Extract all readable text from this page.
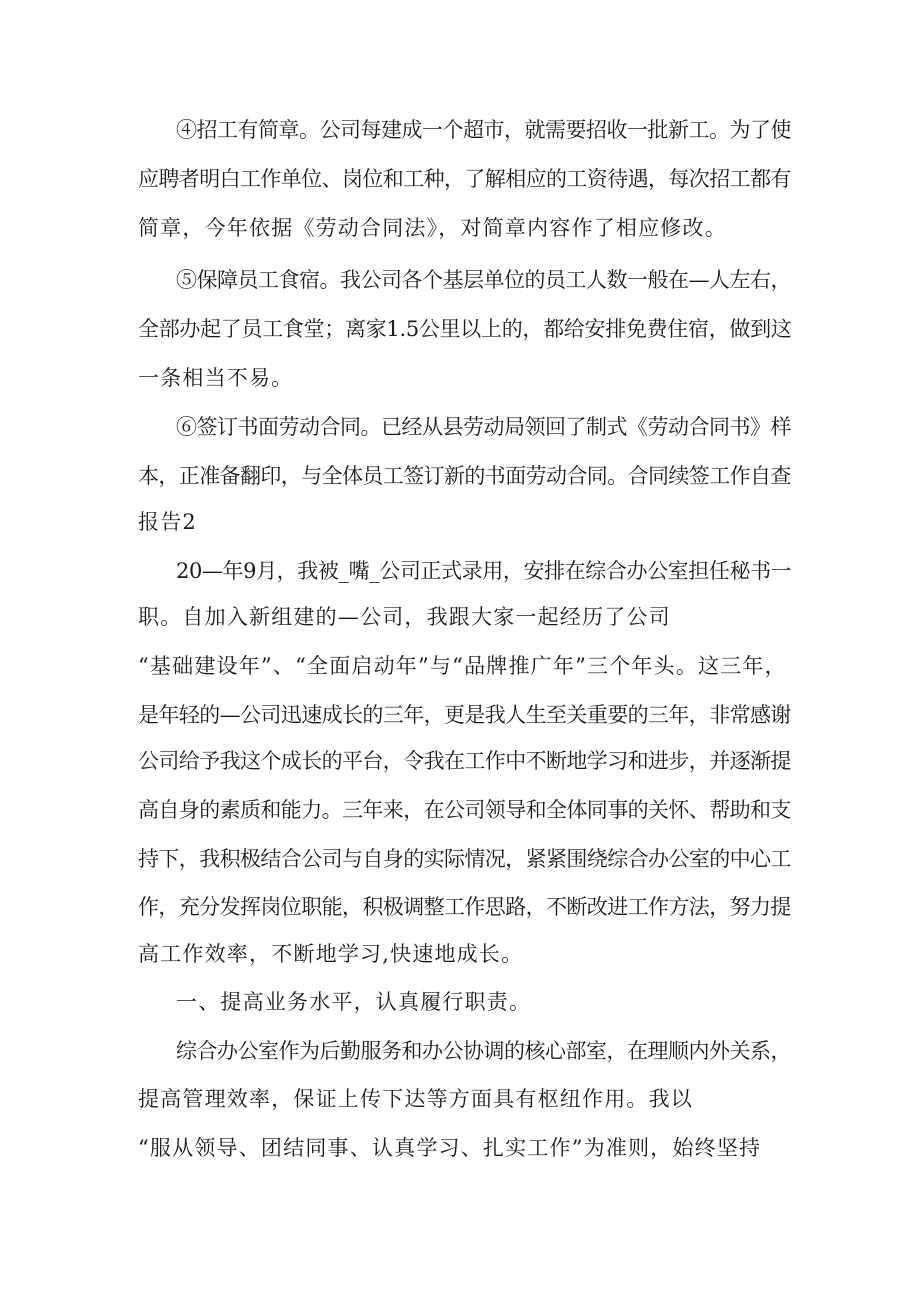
④招工有简章。公司每建成一个超市，就需要招收一批新工。为了使

应聘者明白工作单位、岗位和工种，了解相应的工资待遇，每次招工都有

简章，今年依据《劳动合同法》，对简章内容作了相应修改。

⑤保障员工食宿。我公司各个基层单位的员工人数一般在—人左右，

全部办起了员工食堂；离家1.5公里以上的，都给安排免费住宿，做到这

一条相当不易。

⑥签订书面劳动合同。已经从县劳动局领回了制式《劳动合同书》样

本，正准备翻印，与全体员工签订新的书面劳动合同。合同续签工作自查

报告2

20—年9月，我被_嘴_公司正式录用，安排在综合办公室担任秘书一

职。自加入新组建的—公司，我跟大家一起经历了公司

“基础建设年”、“全面启动年”与“品牌推广年”三个年头。这三年，

是年轻的—公司迅速成长的三年，更是我人生至关重要的三年，非常感谢

公司给予我这个成长的平台，令我在工作中不断地学习和进步，并逐渐提

高自身的素质和能力。三年来，在公司领导和全体同事的关怀、帮助和支

持下，我积极结合公司与自身的实际情况，紧紧围绕综合办公室的中心工

作，充分发挥岗位职能，积极调整工作思路，不断改进工作方法，努力提

高工作效率，不断地学习,快速地成长。

一、提高业务水平，认真履行职责。

综合办公室作为后勤服务和办公协调的核心部室，在理顺内外关系，

提高管理效率，保证上传下达等方面具有枢纽作用。我以

“服从领导、团结同事、认真学习、扎实工作”为准则，始终坚持
